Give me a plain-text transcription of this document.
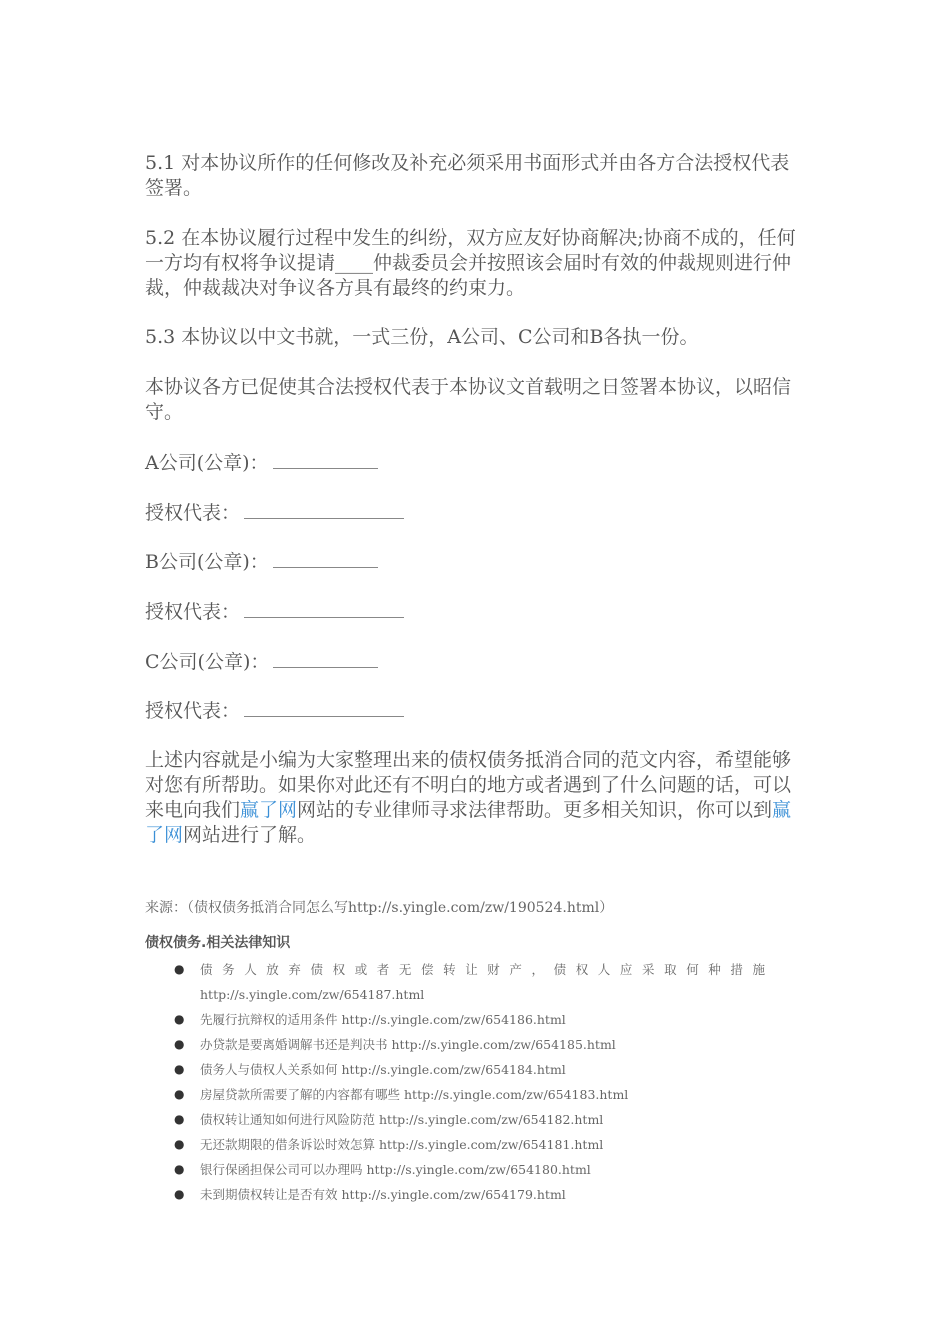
5.1 对本协议所作的任何修改及补充必须采用书面形式并由各方合法授权代表签署。
5.2 在本协议履行过程中发生的纠纷，双方应友好协商解决;协商不成的，任何一方均有权将争议提请____仲裁委员会并按照该会届时有效的仲裁规则进行仲裁，仲裁裁决对争议各方具有最终的约束力。
5.3 本协议以中文书就，一式三份，A公司、C公司和B各执一份。
本协议各方已促使其合法授权代表于本协议文首载明之日签署本协议，以昭信守。
A公司(公章)：
授权代表：
B公司(公章)：
授权代表：
C公司(公章)：
授权代表：
上述内容就是小编为大家整理出来的债权债务抵消合同的范文内容，希望能够对您有所帮助。如果你对此还有不明白的地方或者遇到了什么问题的话，可以来电向我们赢了网网站的专业律师寻求法律帮助。更多相关知识，你可以到赢了网网站进行了解。
来源：（债权债务抵消合同怎么写http://s.yingle.com/zw/190524.html）
债权债务.相关法律知识
● 债务人放弃债权或者无偿转让财产，债权人应采取何种措施
http://s.yingle.com/zw/654187.html
● 先履行抗辩权的适用条件 http://s.yingle.com/zw/654186.html
● 办贷款是要离婚调解书还是判决书 http://s.yingle.com/zw/654185.html
● 债务人与债权人关系如何 http://s.yingle.com/zw/654184.html
● 房屋贷款所需要了解的内容都有哪些 http://s.yingle.com/zw/654183.html
● 债权转让通知如何进行风险防范 http://s.yingle.com/zw/654182.html
● 无还款期限的借条诉讼时效怎算 http://s.yingle.com/zw/654181.html
● 银行保函担保公司可以办理吗 http://s.yingle.com/zw/654180.html
● 未到期债权转让是否有效 http://s.yingle.com/zw/654179.html
